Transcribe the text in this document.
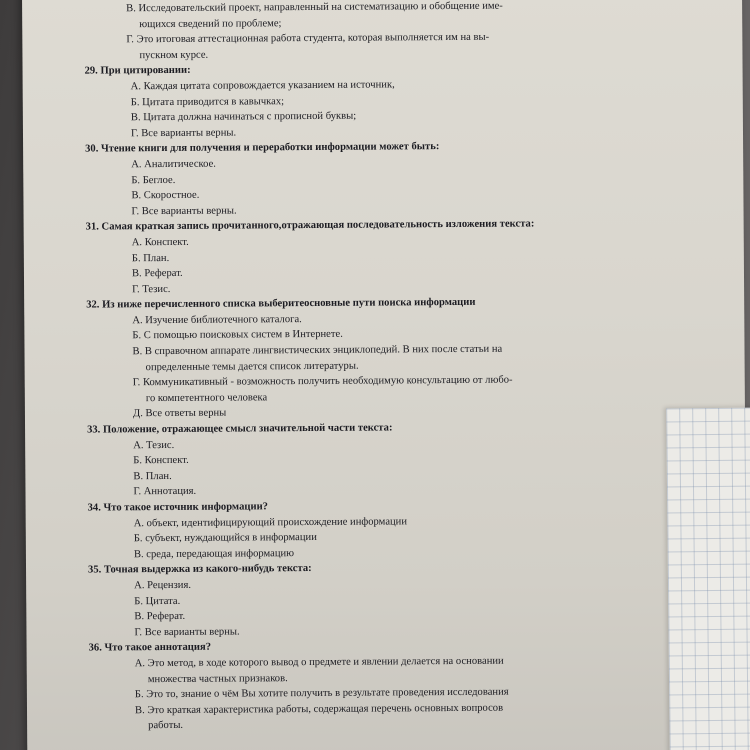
В. Исследовательский проект, направленный на систематизацию и обобщение име-
ющихся сведений по проблеме;
Г. Это итоговая аттестационная работа студента, которая выполняется им на вы-
пускном курсе.
29. При цитировании:
А. Каждая цитата сопровождается указанием на источник,
Б. Цитата приводится в кавычках;
В. Цитата должна начинаться с прописной буквы;
Г. Все варианты верны.
30. Чтение книги для получения и переработки информации может быть:
А. Аналитическое.
Б. Беглое.
В. Скоростное.
Г. Все варианты верны.
31. Самая краткая запись прочитанного,отражающая последовательность изложения текста:
А. Конспект.
Б. План.
В. Реферат.
Г. Тезис.
32. Из ниже перечисленного списка выберитеосновные пути поиска информации
А. Изучение библиотечного каталога.
Б. С помощью поисковых систем в Интернете.
В. В справочном аппарате лингвистических энциклопедий. В них после статьи на
определенные темы дается список литературы.
Г. Коммуникативный - возможность получить необходимую консультацию от любо-
го компетентного человека
Д. Все ответы верны
33. Положение, отражающее смысл значительной части текста:
А. Тезис.
Б. Конспект.
В. План.
Г. Аннотация.
34. Что такое источник информации?
А. объект, идентифицирующий происхождение информации
Б. субъект, нуждающийся в информации
В. среда, передающая информацию
35. Точная выдержка из какого-нибудь текста:
А. Рецензия.
Б. Цитата.
В. Реферат.
Г. Все варианты верны.
36. Что такое аннотация?
А. Это метод, в ходе которого вывод о предмете и явлении делается на основании
множества частных признаков.
Б. Это то, знание о чём Вы хотите получить в результате проведения исследования
В. Это краткая характеристика работы, содержащая перечень основных вопросов
работы.
